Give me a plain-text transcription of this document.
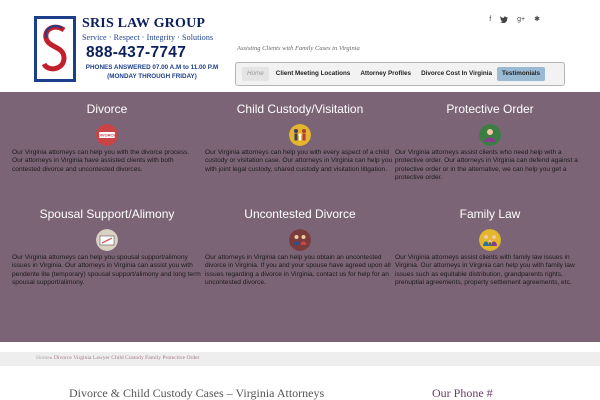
SRIS LAW GROUP
Service · Respect · Integrity · Solutions
888-437-7747
PHONES ANSWERED 07.00 A.M to 11.00 P.M
(MONDAY THROUGH FRIDAY)
Assisting Clients with Family Cases in Virginia
f	g+ ✱
Home	Client Meeting Locations	Attorney Profiles	Divorce Cost In Virginia	Testimonials
Divorce
DIVORCE

Our Virginia attorneys can help you with the divorce process. Our attorneys in Virginia have assisted clients with both contested divorce and uncontested divorces.

Child Custody/Visitation

Our Virginia attorneys can help you with every aspect of a child custody or visitation case. Our attorneys in Virginia can help you with joint legal custody, shared custody and visitation litigation.

Protective Order

Our Virginia attorneys assist clients who need help with a protective order. Our attorneys in Virginia can defend against a protective order or in the alternative, we can help you get a protective order.

Spousal Support/Alimony

Our Virginia attorneys can help you spousal support/alimony issues in Virginia. Our attorneys in Virginia can assist you with pendente lite (temporary) spousal support/alimony and long term spousal support/alimony.

Uncontested Divorce

Our attorneys in Virginia can help you obtain an uncontested divorce in Virginia. If you and your spouse have agreed upon all issues regarding a divorce in Virginia, contact us for help for an uncontested divorce.

Family Law

Our Virginia attorneys assist clients with family law issues in Virginia. Our attorneys in Virginia can help you with family law issues such as equitable distribution, grandparents rights, prenuptial agreements, property settlement agreements, etc.

Home» Divorce Virginia Lawyer Child Custody Family Protective Order
Divorce & Child Custody Cases – Virginia Attorneys	Our Phone #
